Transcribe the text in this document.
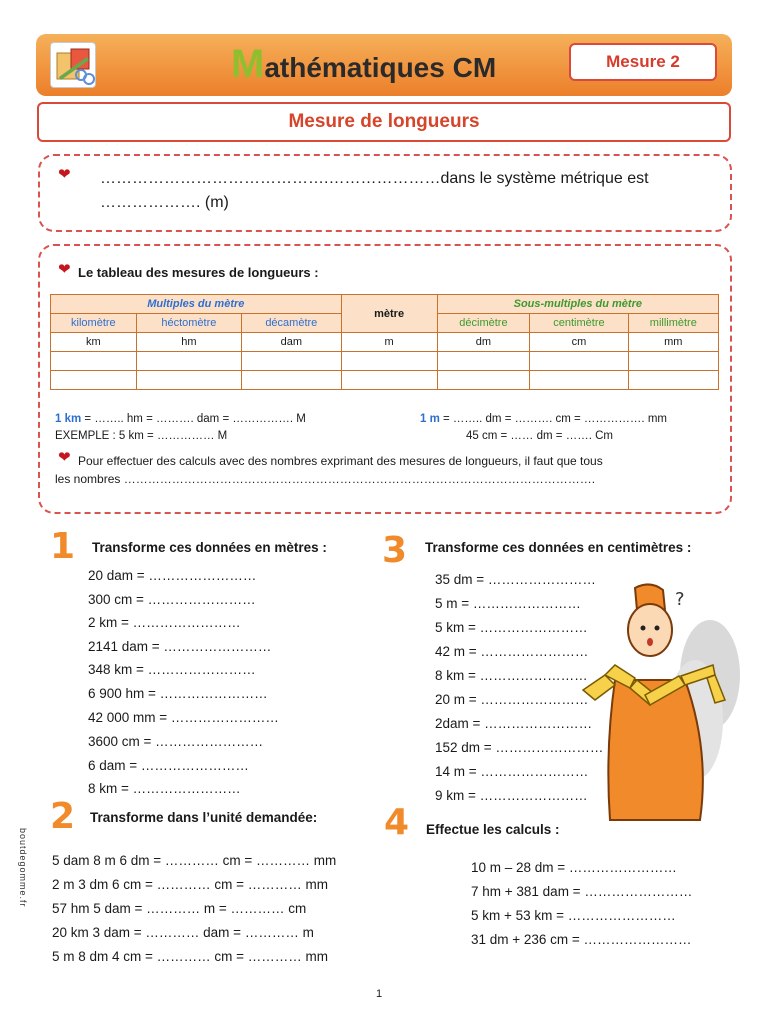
M athématiques CM	Mesure 2
Mesure de longueurs
❤ …………………………………….…………………dans le système métrique est
………………. (m)
❤ Le tableau des mesures de longueurs :
Multiples du mètre			mètre	Sous-multiples du mètre		
kilomètre	héctomètre	décamètre		décimètre	centimètre	millimètre
km	hm	dam	m	dm	cm	mm

1 km = …….. hm = ………. dam = ……………. M	1 m = …….. dm = ………. cm = ……………. mm
EXEMPLE : 5 km = …………… M	45 cm = …… dm = ……. Cm
❤ Pour effectuer des calculs avec des nombres exprimant des mesures de longueurs, il faut que tous
les nombres ……………………………………………………………………………………………………….
1 Transforme ces données en mètres :
20 dam = ……………………
300 cm = ……………………
2 km = ……………………
2141 dam = ……………………
348 km = ……………………
6 900 hm = ……………………
42 000 mm = ……………………
3600 cm = ……………………
6 dam = ……………………
8 km = ……………………
2 Transforme dans l’unité demandée:
5 dam 8 m 6 dm = ………… cm = ………… mm
2 m 3 dm 6 cm = ………… cm = ………… mm
57 hm 5 dam = ………… m = ………… cm
20 km 3 dam = ………… dam = ………… m
5 m 8 dm 4 cm = ………… cm = ………… mm
3 Transforme ces données en centimètres :
35 dm = ……………………
5 m = ……………………
5 km = ……………………
42 m = ……………………
8 km = ……………………
20 m = ……………………
2dam = ……………………
152 dm = ……………………
14 m = ……………………
9 km = ……………………
?
4 Effectue les calculs :
10 m – 28 dm = ……………………
7 hm + 381 dam = ……………………
5 km + 53 km = ……………………
31 dm + 236 cm = ……………………
boutdegomme.fr
1
